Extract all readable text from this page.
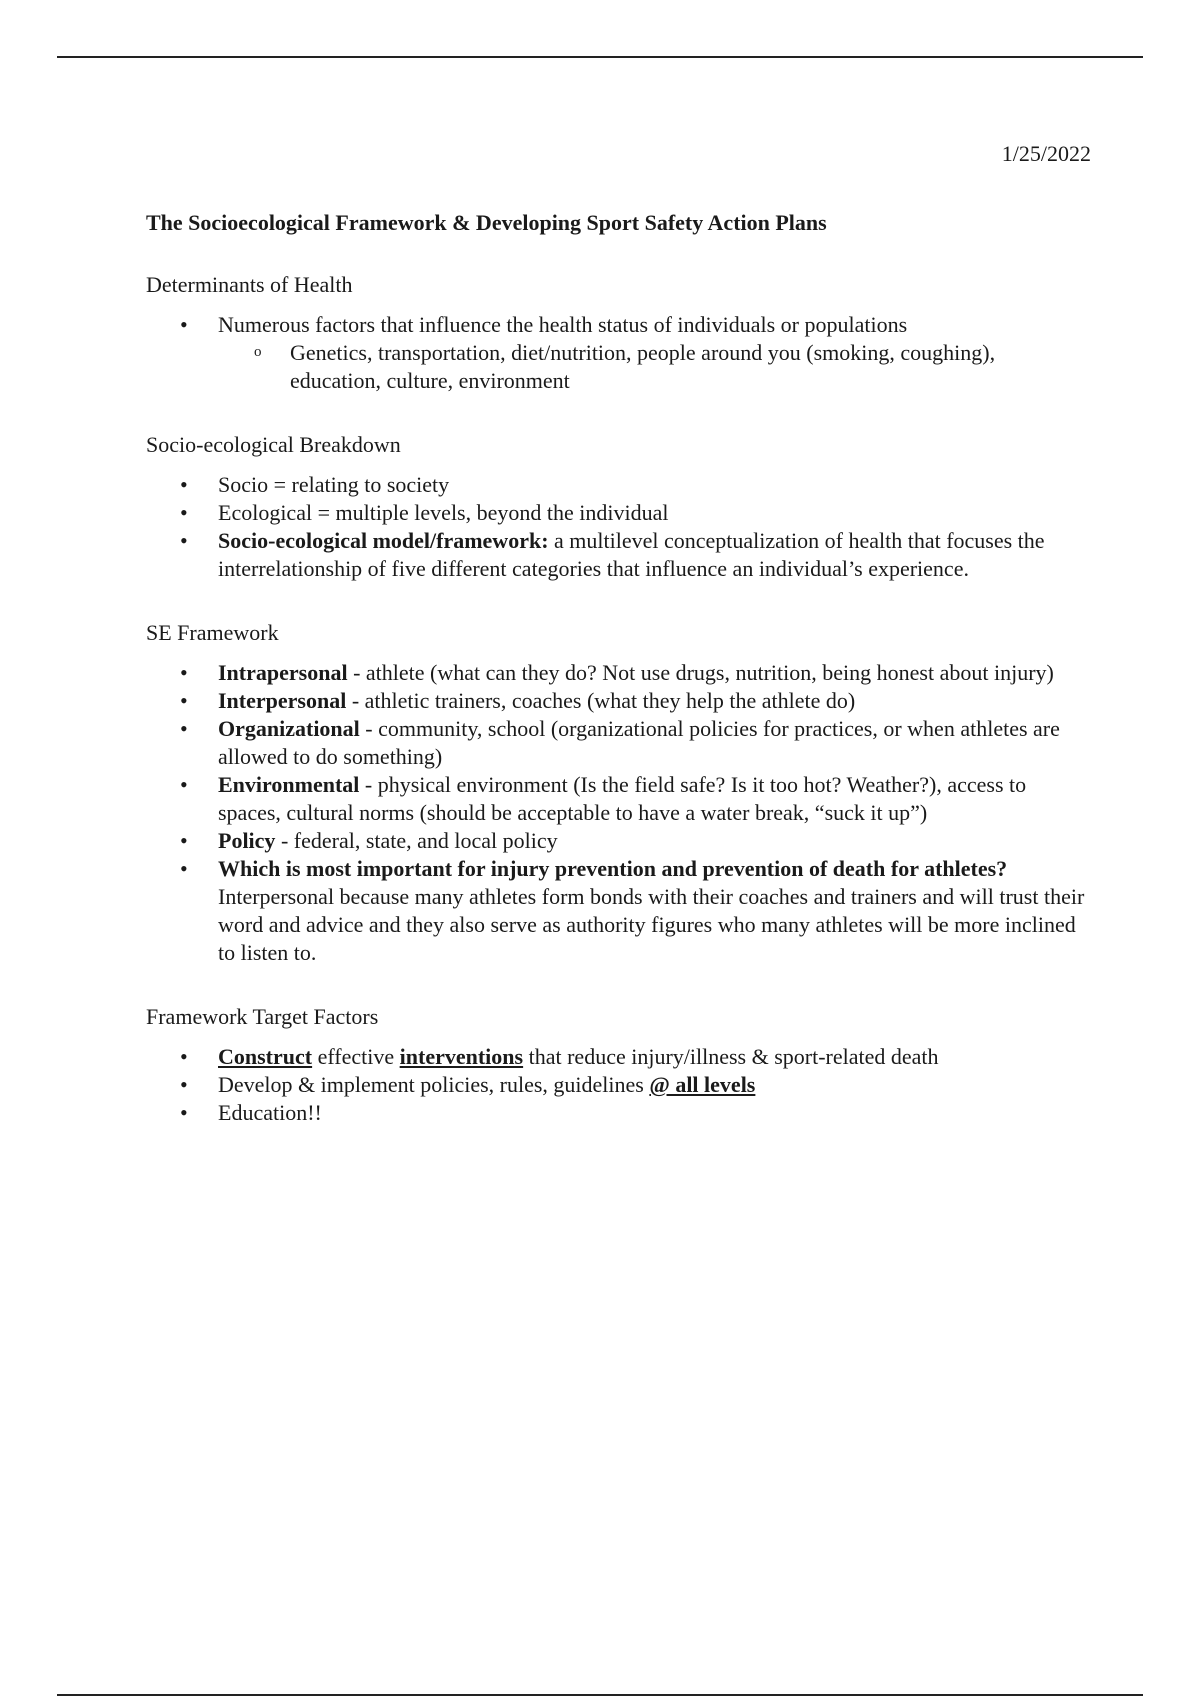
1/25/2022

The Socioecological Framework & Developing Sport Safety Action Plans

Determinants of Health
• Numerous factors that influence the health status of individuals or populations
o Genetics, transportation, diet/nutrition, people around you (smoking, coughing), education, culture, environment
Socio-ecological Breakdown
• Socio = relating to society
• Ecological = multiple levels, beyond the individual
• Socio-ecological model/framework: a multilevel conceptualization of health that focuses the interrelationship of five different categories that influence an individual’s experience.
SE Framework
• Intrapersonal - athlete (what can they do? Not use drugs, nutrition, being honest about injury)
• Interpersonal - athletic trainers, coaches (what they help the athlete do)
• Organizational - community, school (organizational policies for practices, or when athletes are allowed to do something)
• Environmental - physical environment (Is the field safe? Is it too hot? Weather?), access to spaces, cultural norms (should be acceptable to have a water break, “suck it up”)
• Policy - federal, state, and local policy
• Which is most important for injury prevention and prevention of death for athletes? Interpersonal because many athletes form bonds with their coaches and trainers and will trust their word and advice and they also serve as authority figures who many athletes will be more inclined to listen to.
Framework Target Factors
• Construct effective interventions that reduce injury/illness & sport-related death
• Develop & implement policies, rules, guidelines @ all levels
• Education!!
